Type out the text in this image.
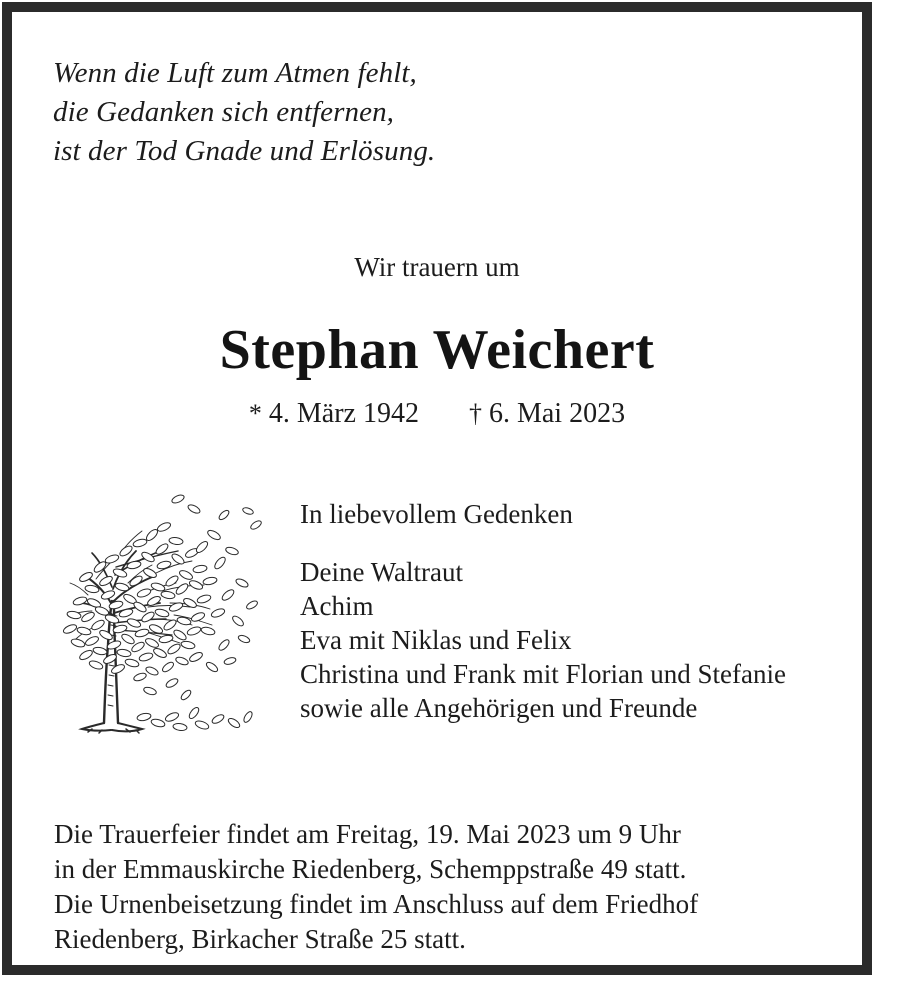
Wenn die Luft zum Atmen fehlt,
die Gedanken sich entfernen,
ist der Tod Gnade und Erlösung.
Wir trauern um
Stephan Weichert
* 4. März 1942 † 6. Mai 2023
In liebevollem Gedenken
Deine Waltraut
Achim
Eva mit Niklas und Felix
Christina und Frank mit Florian und Stefanie
sowie alle Angehörigen und Freunde
Die Trauerfeier findet am Freitag, 19. Mai 2023 um 9 Uhr
in der Emmauskirche Riedenberg, Schemppstraße 49 statt.
Die Urnenbeisetzung findet im Anschluss auf dem Friedhof
Riedenberg, Birkacher Straße 25 statt.
